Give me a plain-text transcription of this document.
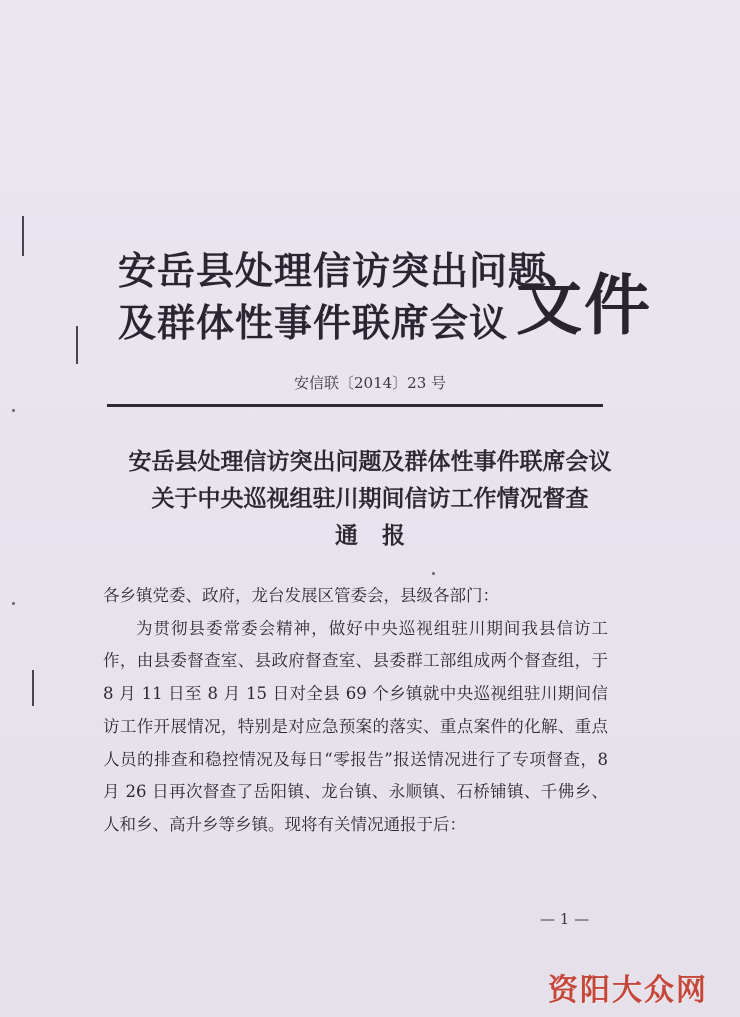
安岳县处理信访突出问题
及群体性事件联席会议 文件
安信联〔2014〕23 号
安岳县处理信访突出问题及群体性事件联席会议
关于中央巡视组驻川期间信访工作情况督查
通报

各乡镇党委、政府，龙台发展区管委会，县级各部门：

为贯彻县委常委会精神，做好中央巡视组驻川期间我县信访工作，由县委督查室、县政府督查室、县委群工部组成两个督查组，于 8 月 11 日至 8 月 15 日对全县 69 个乡镇就中央巡视组驻川期间信访工作开展情况，特别是对应急预案的落实、重点案件的化解、重点人员的排查和稳控情况及每日“零报告”报送情况进行了专项督查，8 月 26 日再次督查了岳阳镇、龙台镇、永顺镇、石桥铺镇、千佛乡、人和乡、高升乡等乡镇。现将有关情况通报于后：

— 1 —
资阳大众网
